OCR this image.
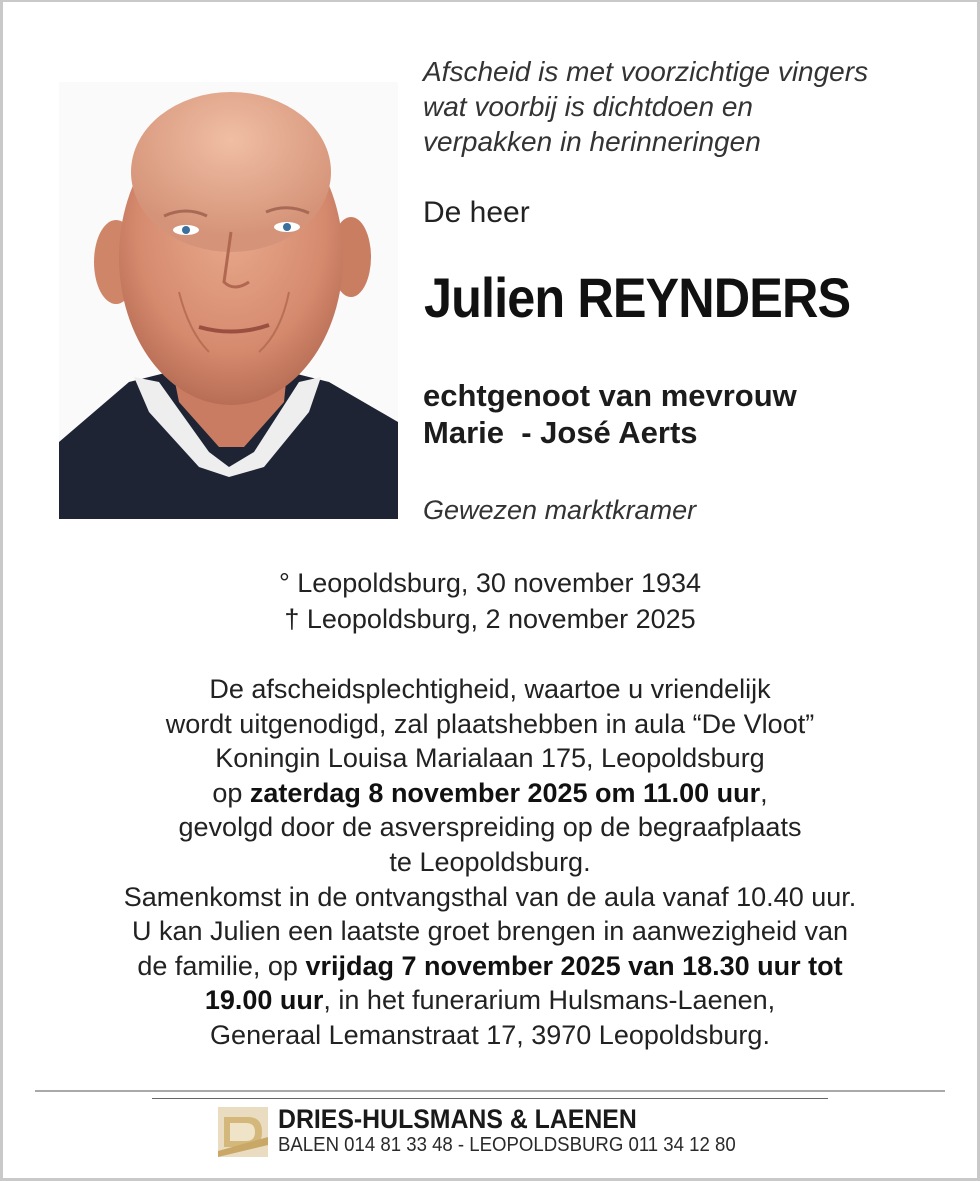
Afscheid is met voorzichtige vingers
wat voorbij is dichtdoen en
verpakken in herinneringen
De heer
Julien REYNDERS
echtgenoot van mevrouw
Marie  - José Aerts
Gewezen marktkramer
° Leopoldsburg, 30 november 1934
† Leopoldsburg, 2 november 2025
De afscheidsplechtigheid, waartoe u vriendelijk
wordt uitgenodigd, zal plaatshebben in aula “De Vloot”
Koningin Louisa Marialaan 175, Leopoldsburg
op zaterdag 8 november 2025 om 11.00 uur,
gevolgd door de asverspreiding op de begraafplaats
te Leopoldsburg.
Samenkomst in de ontvangsthal van de aula vanaf 10.40 uur.
U kan Julien een laatste groet brengen in aanwezigheid van
de familie, op vrijdag 7 november 2025 van 18.30 uur tot
19.00 uur, in het funerarium Hulsmans-Laenen,
Generaal Lemanstraat 17, 3970 Leopoldsburg.
DRIES-HULSMANS & LAENEN
BALEN 014 81 33 48 - LEOPOLDSBURG 011 34 12 80
